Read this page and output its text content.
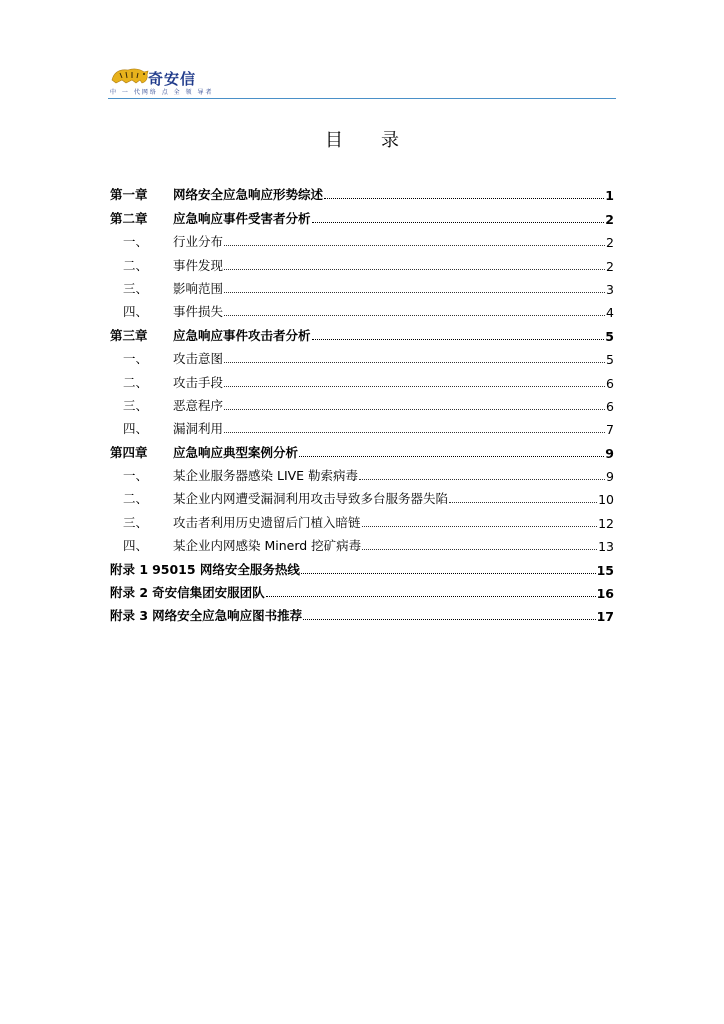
奇安信
中 一 代网络 点 全 领 导者
目录
第一章	网络安全应急响应形势综述	1
第二章	应急响应事件受害者分析	2
一、	行业分布	2
二、	事件发现	2
三、	影响范围	3
四、	事件损失	4
第三章	应急响应事件攻击者分析	5
一、	攻击意图	5
二、	攻击手段	6
三、	恶意程序	6
四、	漏洞利用	7
第四章	应急响应典型案例分析	9
一、	某企业服务器感染 LIVE 勒索病毒	9
二、	某企业内网遭受漏洞利用攻击导致多台服务器失陷	10
三、	攻击者利用历史遗留后门植入暗链	12
四、	某企业内网感染 Minerd 挖矿病毒	13
附录 1 95015 网络安全服务热线	15
附录 2 奇安信集团安服团队	16
附录 3 网络安全应急响应图书推荐	17
